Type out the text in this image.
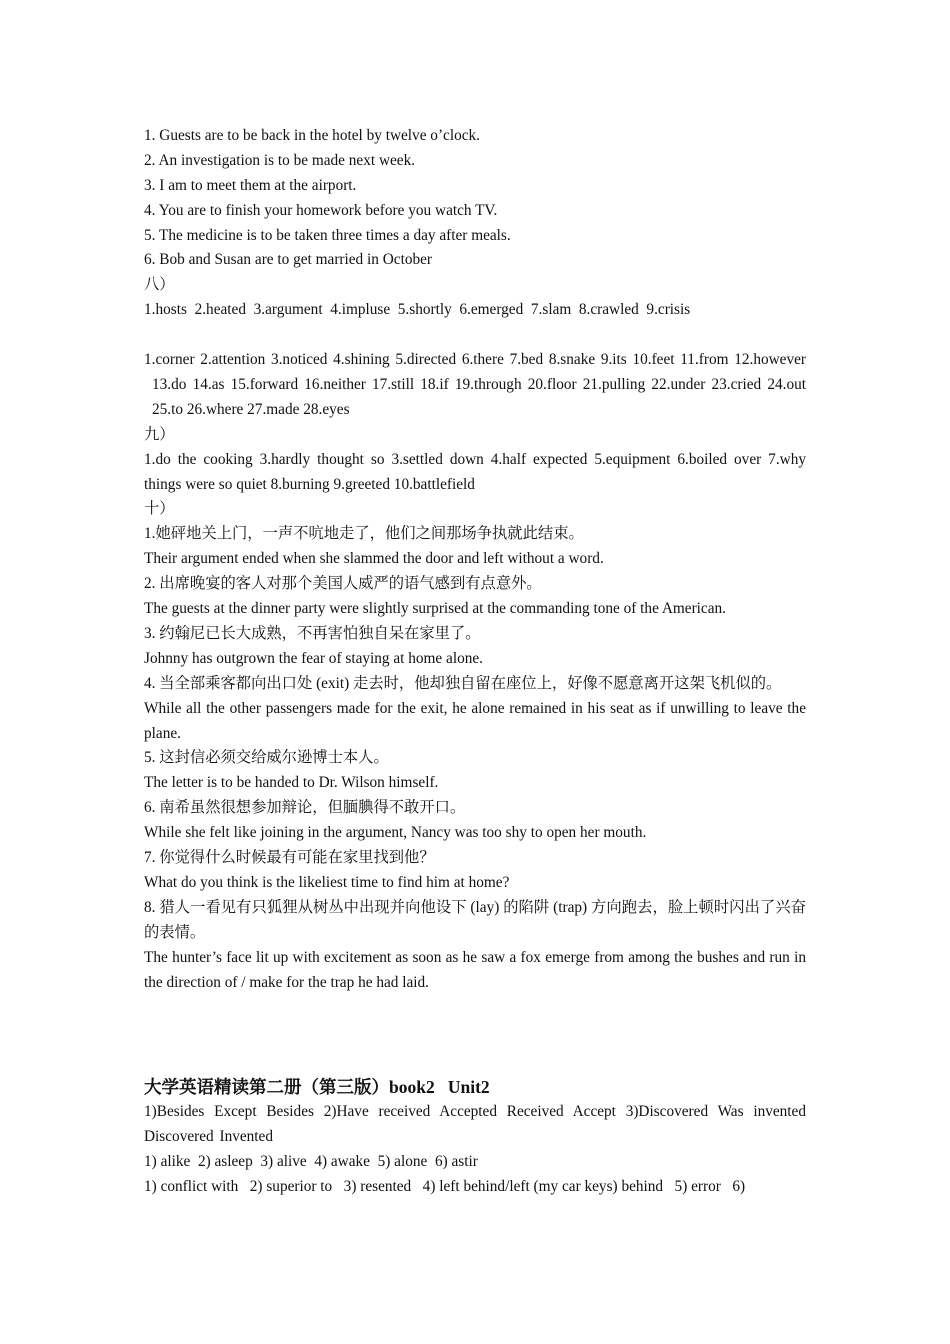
1. Guests are to be back in the hotel by twelve o’clock.
2. An investigation is to be made next week.
3. I am to meet them at the airport.
4. You are to finish your homework before you watch TV.
5. The medicine is to be taken three times a day after meals.
6. Bob and Susan are to get married in October
八）
1.hosts  2.heated  3.argument  4.impluse  5.shortly  6.emerged  7.slam  8.crawled  9.crisis
1.corner 2.attention 3.noticed 4.shining 5.directed 6.there 7.bed 8.snake 9.its 10.feet 11.from 12.however 13.do 14.as 15.forward 16.neither 17.still 18.if 19.through 20.floor 21.pulling 22.under 23.cried 24.out 25.to 26.where 27.made 28.eyes
九）
1.do the cooking 3.hardly thought so 3.settled down 4.half expected 5.equipment 6.boiled over 7.why things were so quiet 8.burning 9.greeted 10.battlefield
十）
1.她砰地关上门，一声不吭地走了，他们之间那场争执就此结束。
Their argument ended when she slammed the door and left without a word.
2. 出席晚宴的客人对那个美国人威严的语气感到有点意外。
The guests at the dinner party were slightly surprised at the commanding tone of the American.
3. 约翰尼已长大成熟，不再害怕独自呆在家里了。
Johnny has outgrown the fear of staying at home alone.
4. 当全部乘客都向出口处 (exit) 走去时，他却独自留在座位上，好像不愿意离开这架飞机似的。
While all the other passengers made for the exit, he alone remained in his seat as if unwilling to leave the plane.
5. 这封信必须交给威尔逊博士本人。
The letter is to be handed to Dr. Wilson himself.
6. 南希虽然很想参加辩论，但腼腆得不敢开口。
While she felt like joining in the argument, Nancy was too shy to open her mouth.
7. 你觉得什么时候最有可能在家里找到他？
What do you think is the likeliest time to find him at home?
8. 猎人一看见有只狐狸从树丛中出现并向他设下 (lay) 的陷阱 (trap) 方向跑去，脸上顿时闪出了兴奋的表情。
The hunter’s face lit up with excitement as soon as he saw a fox emerge from among the bushes and run in the direction of / make for the trap he had laid.
大学英语精读第二册（第三版）book2   Unit2
1)Besides Except Besides 2)Have received Accepted Received Accept 3)Discovered Was invented Discovered Invented
1) alike  2) asleep  3) alive  4) awake  5) alone  6) astir
1) conflict with   2) superior to   3) resented   4) left behind/left (my car keys) behind   5) error   6)
